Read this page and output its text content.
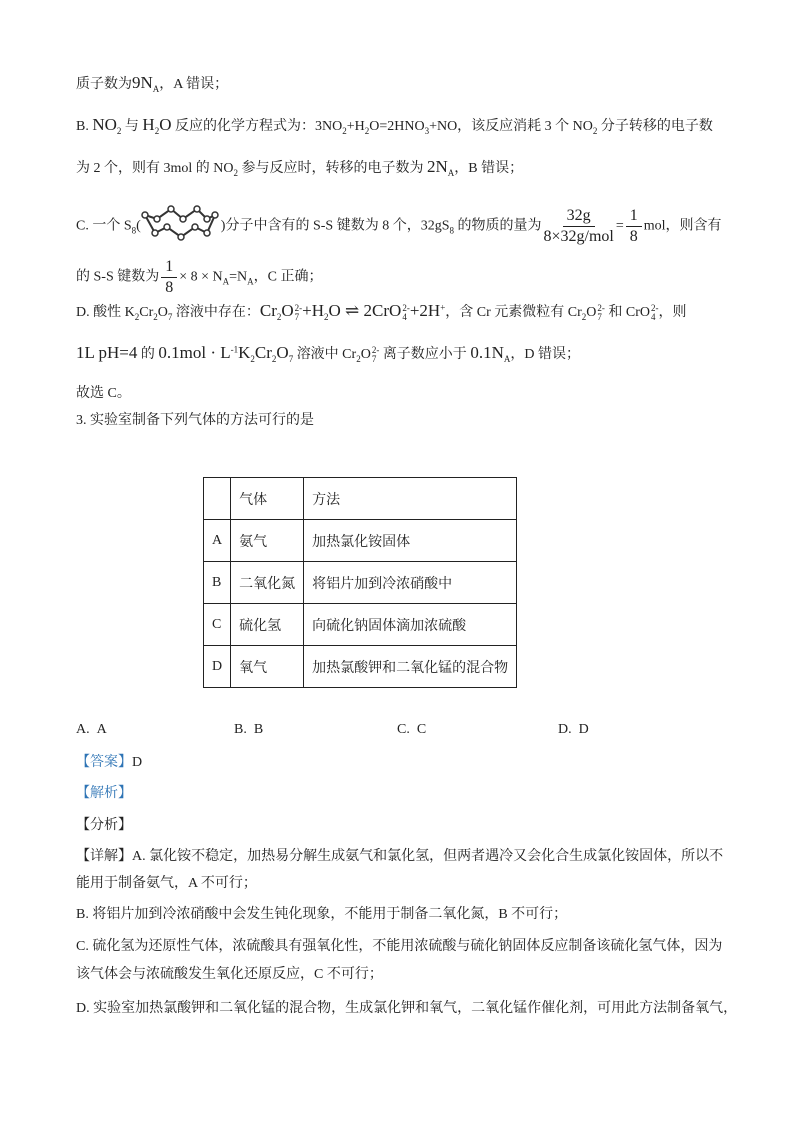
质子数为$9N_A$，A 错误；
B. $NO_2$ 与 $H_2O$ 反应的化学方程式为：$3NO_2+H_2O=2HNO_3+NO$，该反应消耗 3 个 $NO_2$ 分子转移的电子数
为 2 个，则有 3mol 的 $NO_2$ 参与反应时，转移的电子数为 $2N_A$，B 错误；
C. 一个 $S_8$(	)分子中含有的 S-S 键数为 8 个，$32gS_8$ 的物质的量为 $\frac{32g}{\text{8×32g/mol}} = \frac{1}{8}$ mol，则含有
的 S-S 键数为 $\frac{1}{8} \times 8 \times N_A=N_A$，C 正确；
D. 酸性 $K_2Cr_2O_7$ 溶液中存在：$Cr_2O$ 2-
$7 +H_2O$ ⇌ 2CrO 2-
4 +2H+，含 Cr 元素微粒有 $Cr_2O$ 2-
7 和 CrO 2-
4 ，则
1L pH=4 的 $0.1mol \cdot L^{-1}K_2Cr_2O_7$ 溶液中 $Cr_2O$ 2-
7 离子数应小于 $0.1N_A$，D 错误；
故选 C。
3. 实验室制备下列气体的方法可行的是
	气体	方法
A	氨气	加热氯化铵固体
B	二氧化氮	将铝片加到冷浓硝酸中
C	硫化氢	向硫化钠固体滴加浓硫酸
D	氧气	加热氯酸钾和二氧化锰的混合物
A. A	B. B	C. C	D. D
【答案】D
【解析】
【分析】
【详解】A. 氯化铵不稳定，加热易分解生成氨气和氯化氢，但两者遇冷又会化合生成氯化铵固体，所以不
能用于制备氨气，A 不可行；
B. 将铝片加到冷浓硝酸中会发生钝化现象，不能用于制备二氧化氮，B 不可行；
C. 硫化氢为还原性气体，浓硫酸具有强氧化性，不能用浓硫酸与硫化钠固体反应制备该硫化氢气体，因为
该气体会与浓硫酸发生氧化还原反应，C 不可行；
D. 实验室加热氯酸钾和二氧化锰的混合物，生成氯化钾和氧气，二氧化锰作催化剂，可用此方法制备氧气，
